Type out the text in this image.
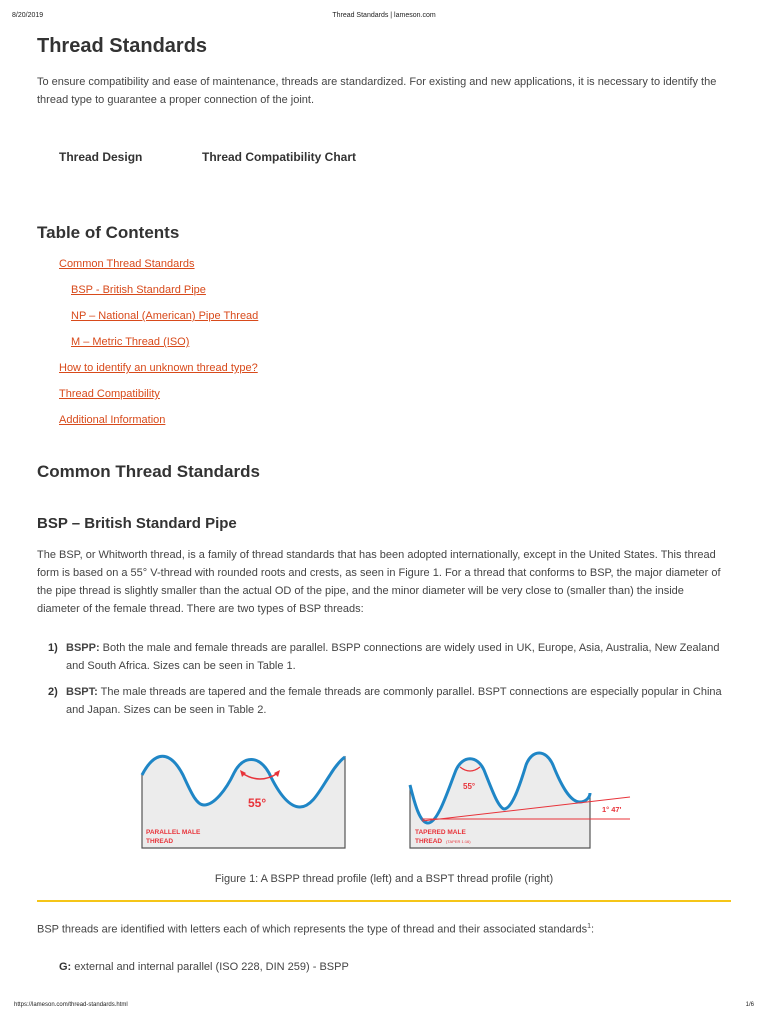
8/20/2019	Thread Standards | lameson.com
Thread Standards

To ensure compatibility and ease of maintenance, threads are standardized. For existing and new applications, it is necessary to identify the thread type to guarantee a proper connection of the joint.

Thread Design	Thread Compatibility Chart
Table of Contents
Common Thread Standards
BSP - British Standard Pipe
NP – National (American) Pipe Thread
M – Metric Thread (ISO)
How to identify an unknown thread type?
Thread Compatibility
Additional Information
Common Thread Standards
BSP – British Standard Pipe

The BSP, or Whitworth thread, is a family of thread standards that has been adopted internationally, except in the United States. This thread form is based on a 55° V-thread with rounded roots and crests, as seen in Figure 1. For a thread that conforms to BSP, the major diameter of the pipe thread is slightly smaller than the actual OD of the pipe, and the minor diameter will be very close to (smaller than) the inside diameter of the female thread. There are two types of BSP threads:

1) BSPP: Both the male and female threads are parallel. BSPP connections are widely used in UK, Europe, Asia, Australia, New Zealand and South Africa. Sizes can be seen in Table 1.

2) BSPT: The male threads are tapered and the female threads are commonly parallel. BSPT connections are especially popular in China and Japan. Sizes can be seen in Table 2.

55°
PARALLEL MALE
THREAD
55°
1° 47'
TAPERED MALE
THREAD (TAPER 1:16)

Figure 1: A BSPP thread profile (left) and a BSPT thread profile (right)

BSP threads are identified with letters each of which represents the type of thread and their associated standards$^1$:

G: external and internal parallel (ISO 228, DIN 259) - BSPP

https://lameson.com/thread-standards.html	1/6
